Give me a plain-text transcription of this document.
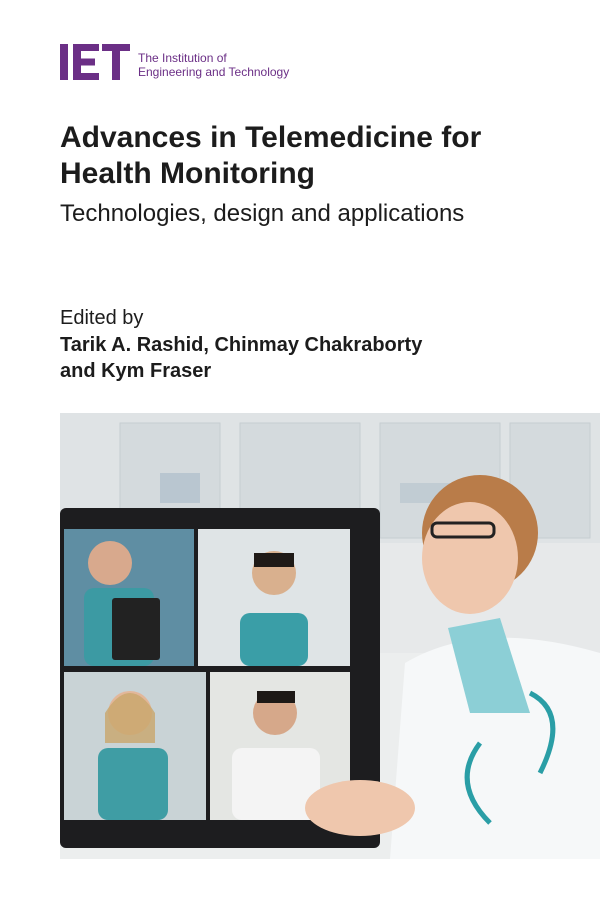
The Institution of
Engineering and Technology
Advances in Telemedicine for
Health Monitoring

Technologies, design and applications

Edited by
Tarik A. Rashid, Chinmay Chakraborty
and Kym Fraser
